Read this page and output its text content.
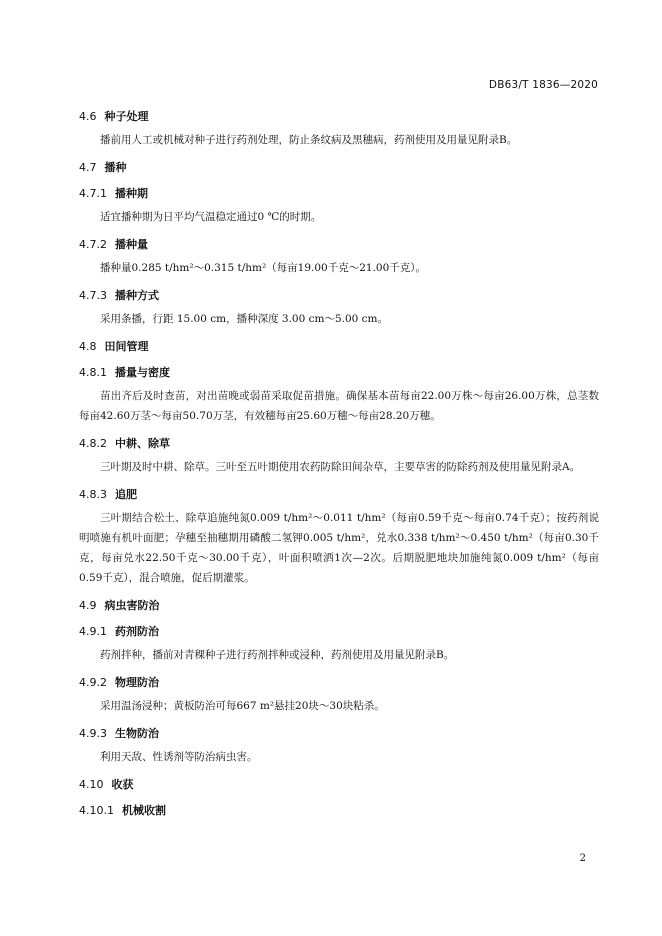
DB63/T 1836—2020
4.6 种子处理

播前用人工或机械对种子进行药剂处理，防止条纹病及黑穗病，药剂使用及用量见附录B。

4.7 播种
4.7.1 播种期

适宜播种期为日平均气温稳定通过0 ℃的时期。

4.7.2 播种量

播种量0.285 t/hm²～0.315 t/hm²（每亩19.00千克～21.00千克）。

4.7.3 播种方式

采用条播，行距 15.00 cm，播种深度 3.00 cm～5.00 cm。

4.8 田间管理
4.8.1 播量与密度

苗出齐后及时查苗，对出苗晚或弱苗采取促苗措施。确保基本苗每亩22.00万株～每亩26.00万株，总茎数每亩42.60万茎～每亩50.70万茎，有效穗每亩25.60万穗～每亩28.20万穗。

4.8.2 中耕、除草

三叶期及时中耕、除草。三叶至五叶期使用农药防除田间杂草，主要草害的防除药剂及使用量见附录A。

4.8.3 追肥

三叶期结合松土、除草追施纯氮0.009 t/hm²～0.011 t/hm²（每亩0.59千克～每亩0.74千克）；按药剂说明喷施有机叶面肥；孕穗至抽穗期用磷酸二氢钾0.005 t/hm²，兑水0.338 t/hm²～0.450 t/hm²（每亩0.30千克，每亩兑水22.50千克～30.00千克），叶面积喷洒1次—2次。后期脱肥地块加施纯氮0.009 t/hm²（每亩0.59千克），混合喷施，促后期灌浆。

4.9 病虫害防治
4.9.1 药剂防治

药剂拌种，播前对青稞种子进行药剂拌种或浸种，药剂使用及用量见附录B。

4.9.2 物理防治

采用温汤浸种；黄板防治可每667 m²悬挂20块～30块粘杀。

4.9.3 生物防治

利用天敌、性诱剂等防治病虫害。

4.10 收获
4.10.1 机械收割
2
